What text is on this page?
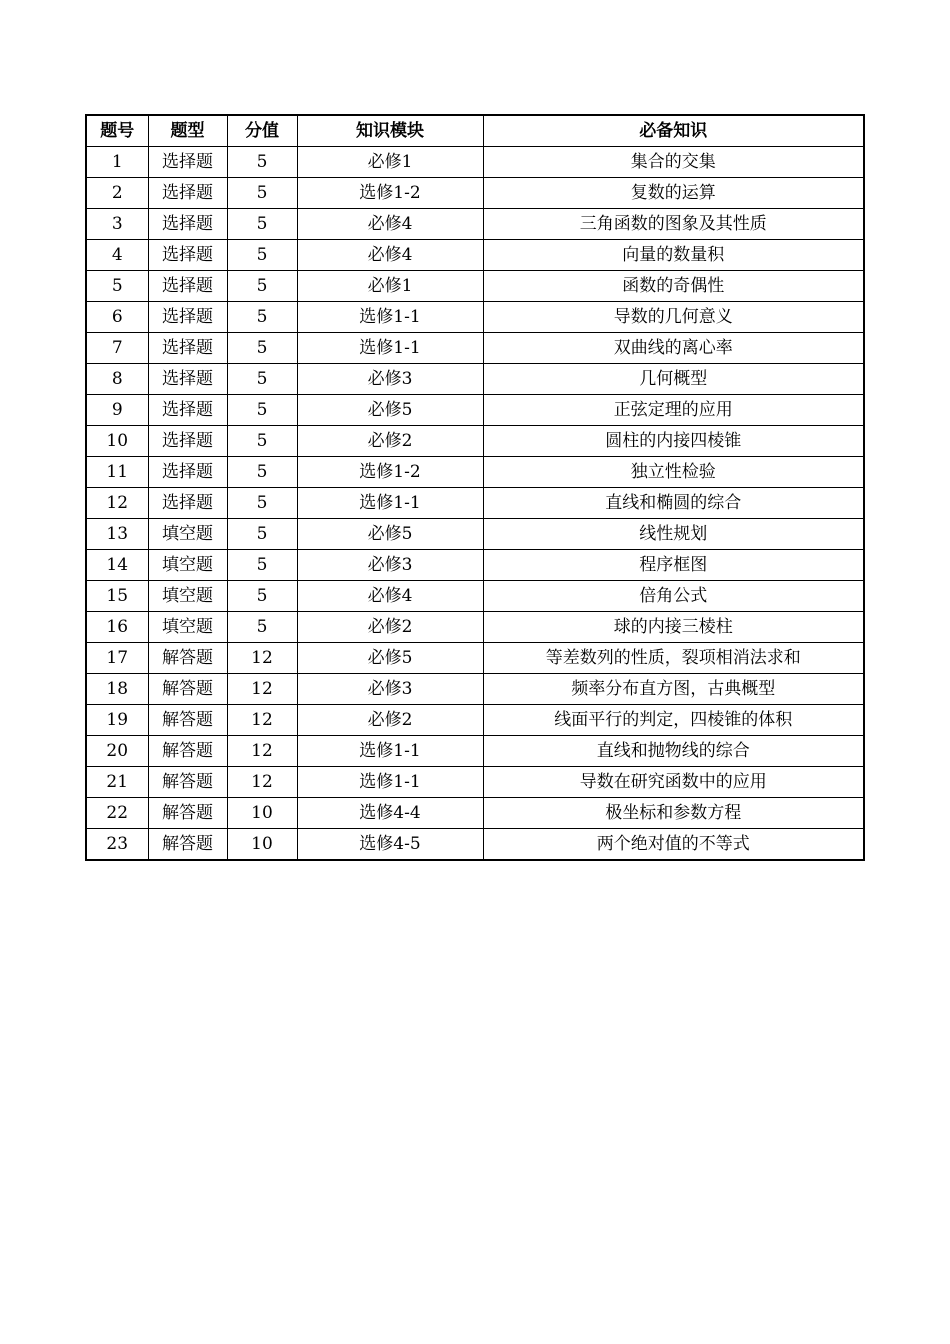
题号	题型	分值	知识模块	必备知识
1	选择题	5	必修1	集合的交集
2	选择题	5	选修1-2	复数的运算
3	选择题	5	必修4	三角函数的图象及其性质
4	选择题	5	必修4	向量的数量积
5	选择题	5	必修1	函数的奇偶性
6	选择题	5	选修1-1	导数的几何意义
7	选择题	5	选修1-1	双曲线的离心率
8	选择题	5	必修3	几何概型
9	选择题	5	必修5	正弦定理的应用
10	选择题	5	必修2	圆柱的内接四棱锥
11	选择题	5	选修1-2	独立性检验
12	选择题	5	选修1-1	直线和椭圆的综合
13	填空题	5	必修5	线性规划
14	填空题	5	必修3	程序框图
15	填空题	5	必修4	倍角公式
16	填空题	5	必修2	球的内接三棱柱
17	解答题	12	必修5	等差数列的性质，裂项相消法求和
18	解答题	12	必修3	频率分布直方图，古典概型
19	解答题	12	必修2	线面平行的判定，四棱锥的体积
20	解答题	12	选修1-1	直线和抛物线的综合
21	解答题	12	选修1-1	导数在研究函数中的应用
22	解答题	10	选修4-4	极坐标和参数方程
23	解答题	10	选修4-5	两个绝对值的不等式
